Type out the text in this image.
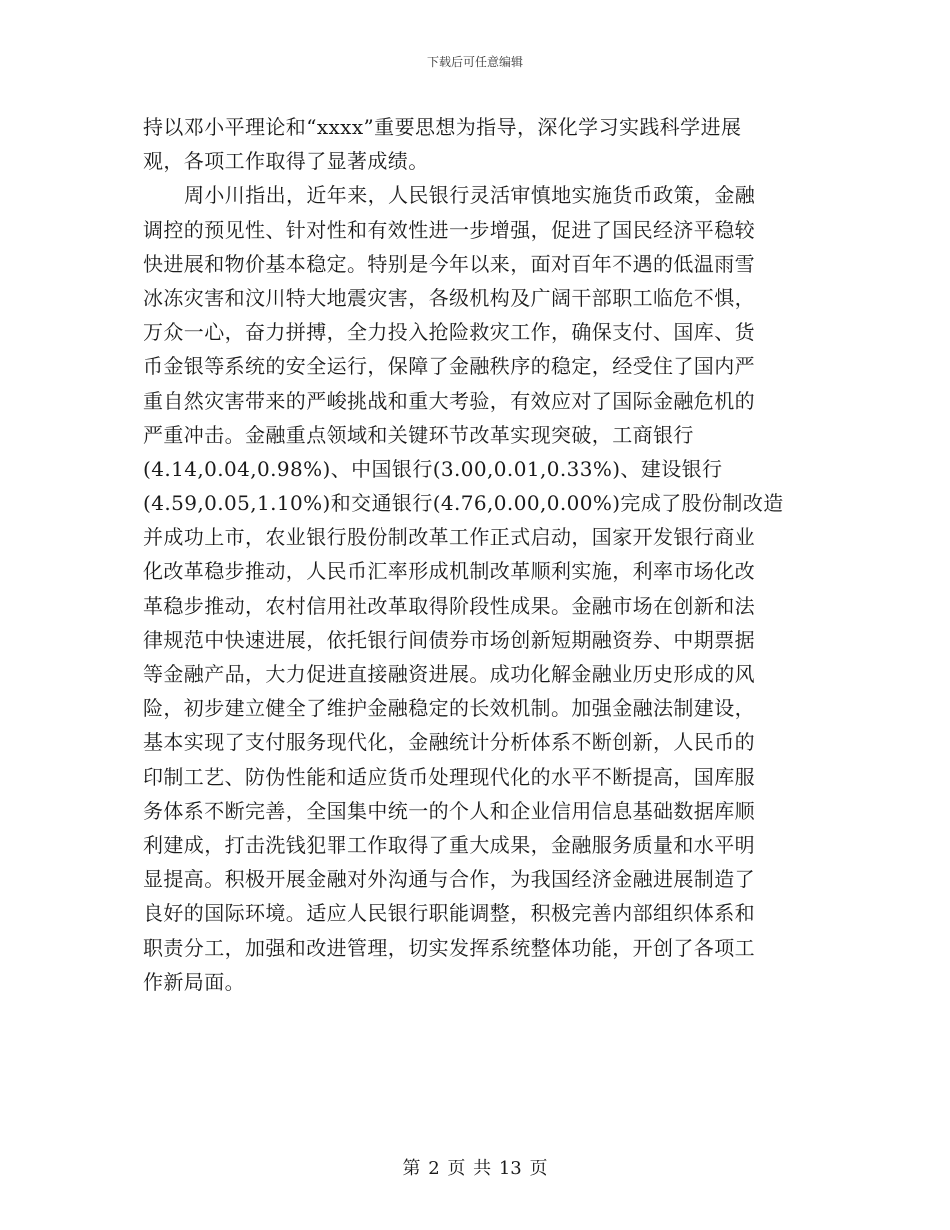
下载后可任意编辑
持以邓小平理论和“xxxx”重要思想为指导，深化学习实践科学进展
观，各项工作取得了显著成绩。
周小川指出，近年来，人民银行灵活审慎地实施货币政策，金融
调控的预见性、针对性和有效性进一步增强，促进了国民经济平稳较
快进展和物价基本稳定。特别是今年以来，面对百年不遇的低温雨雪
冰冻灾害和汶川特大地震灾害，各级机构及广阔干部职工临危不惧，
万众一心，奋力拼搏，全力投入抢险救灾工作，确保支付、国库、货
币金银等系统的安全运行，保障了金融秩序的稳定，经受住了国内严
重自然灾害带来的严峻挑战和重大考验，有效应对了国际金融危机的
严重冲击。金融重点领域和关键环节改革实现突破，工商银行
(4.14,0.04,0.98%)、中国银行(3.00,0.01,0.33%)、建设银行
(4.59,0.05,1.10%)和交通银行(4.76,0.00,0.00%)完成了股份制改造
并成功上市，农业银行股份制改革工作正式启动，国家开发银行商业
化改革稳步推动，人民币汇率形成机制改革顺利实施，利率市场化改
革稳步推动，农村信用社改革取得阶段性成果。金融市场在创新和法
律规范中快速进展，依托银行间债券市场创新短期融资券、中期票据
等金融产品，大力促进直接融资进展。成功化解金融业历史形成的风
险，初步建立健全了维护金融稳定的长效机制。加强金融法制建设，
基本实现了支付服务现代化，金融统计分析体系不断创新，人民币的
印制工艺、防伪性能和适应货币处理现代化的水平不断提高，国库服
务体系不断完善，全国集中统一的个人和企业信用信息基础数据库顺
利建成，打击洗钱犯罪工作取得了重大成果，金融服务质量和水平明
显提高。积极开展金融对外沟通与合作，为我国经济金融进展制造了
良好的国际环境。适应人民银行职能调整，积极完善内部组织体系和
职责分工，加强和改进管理，切实发挥系统整体功能，开创了各项工
作新局面。
第 2 页 共 13 页
